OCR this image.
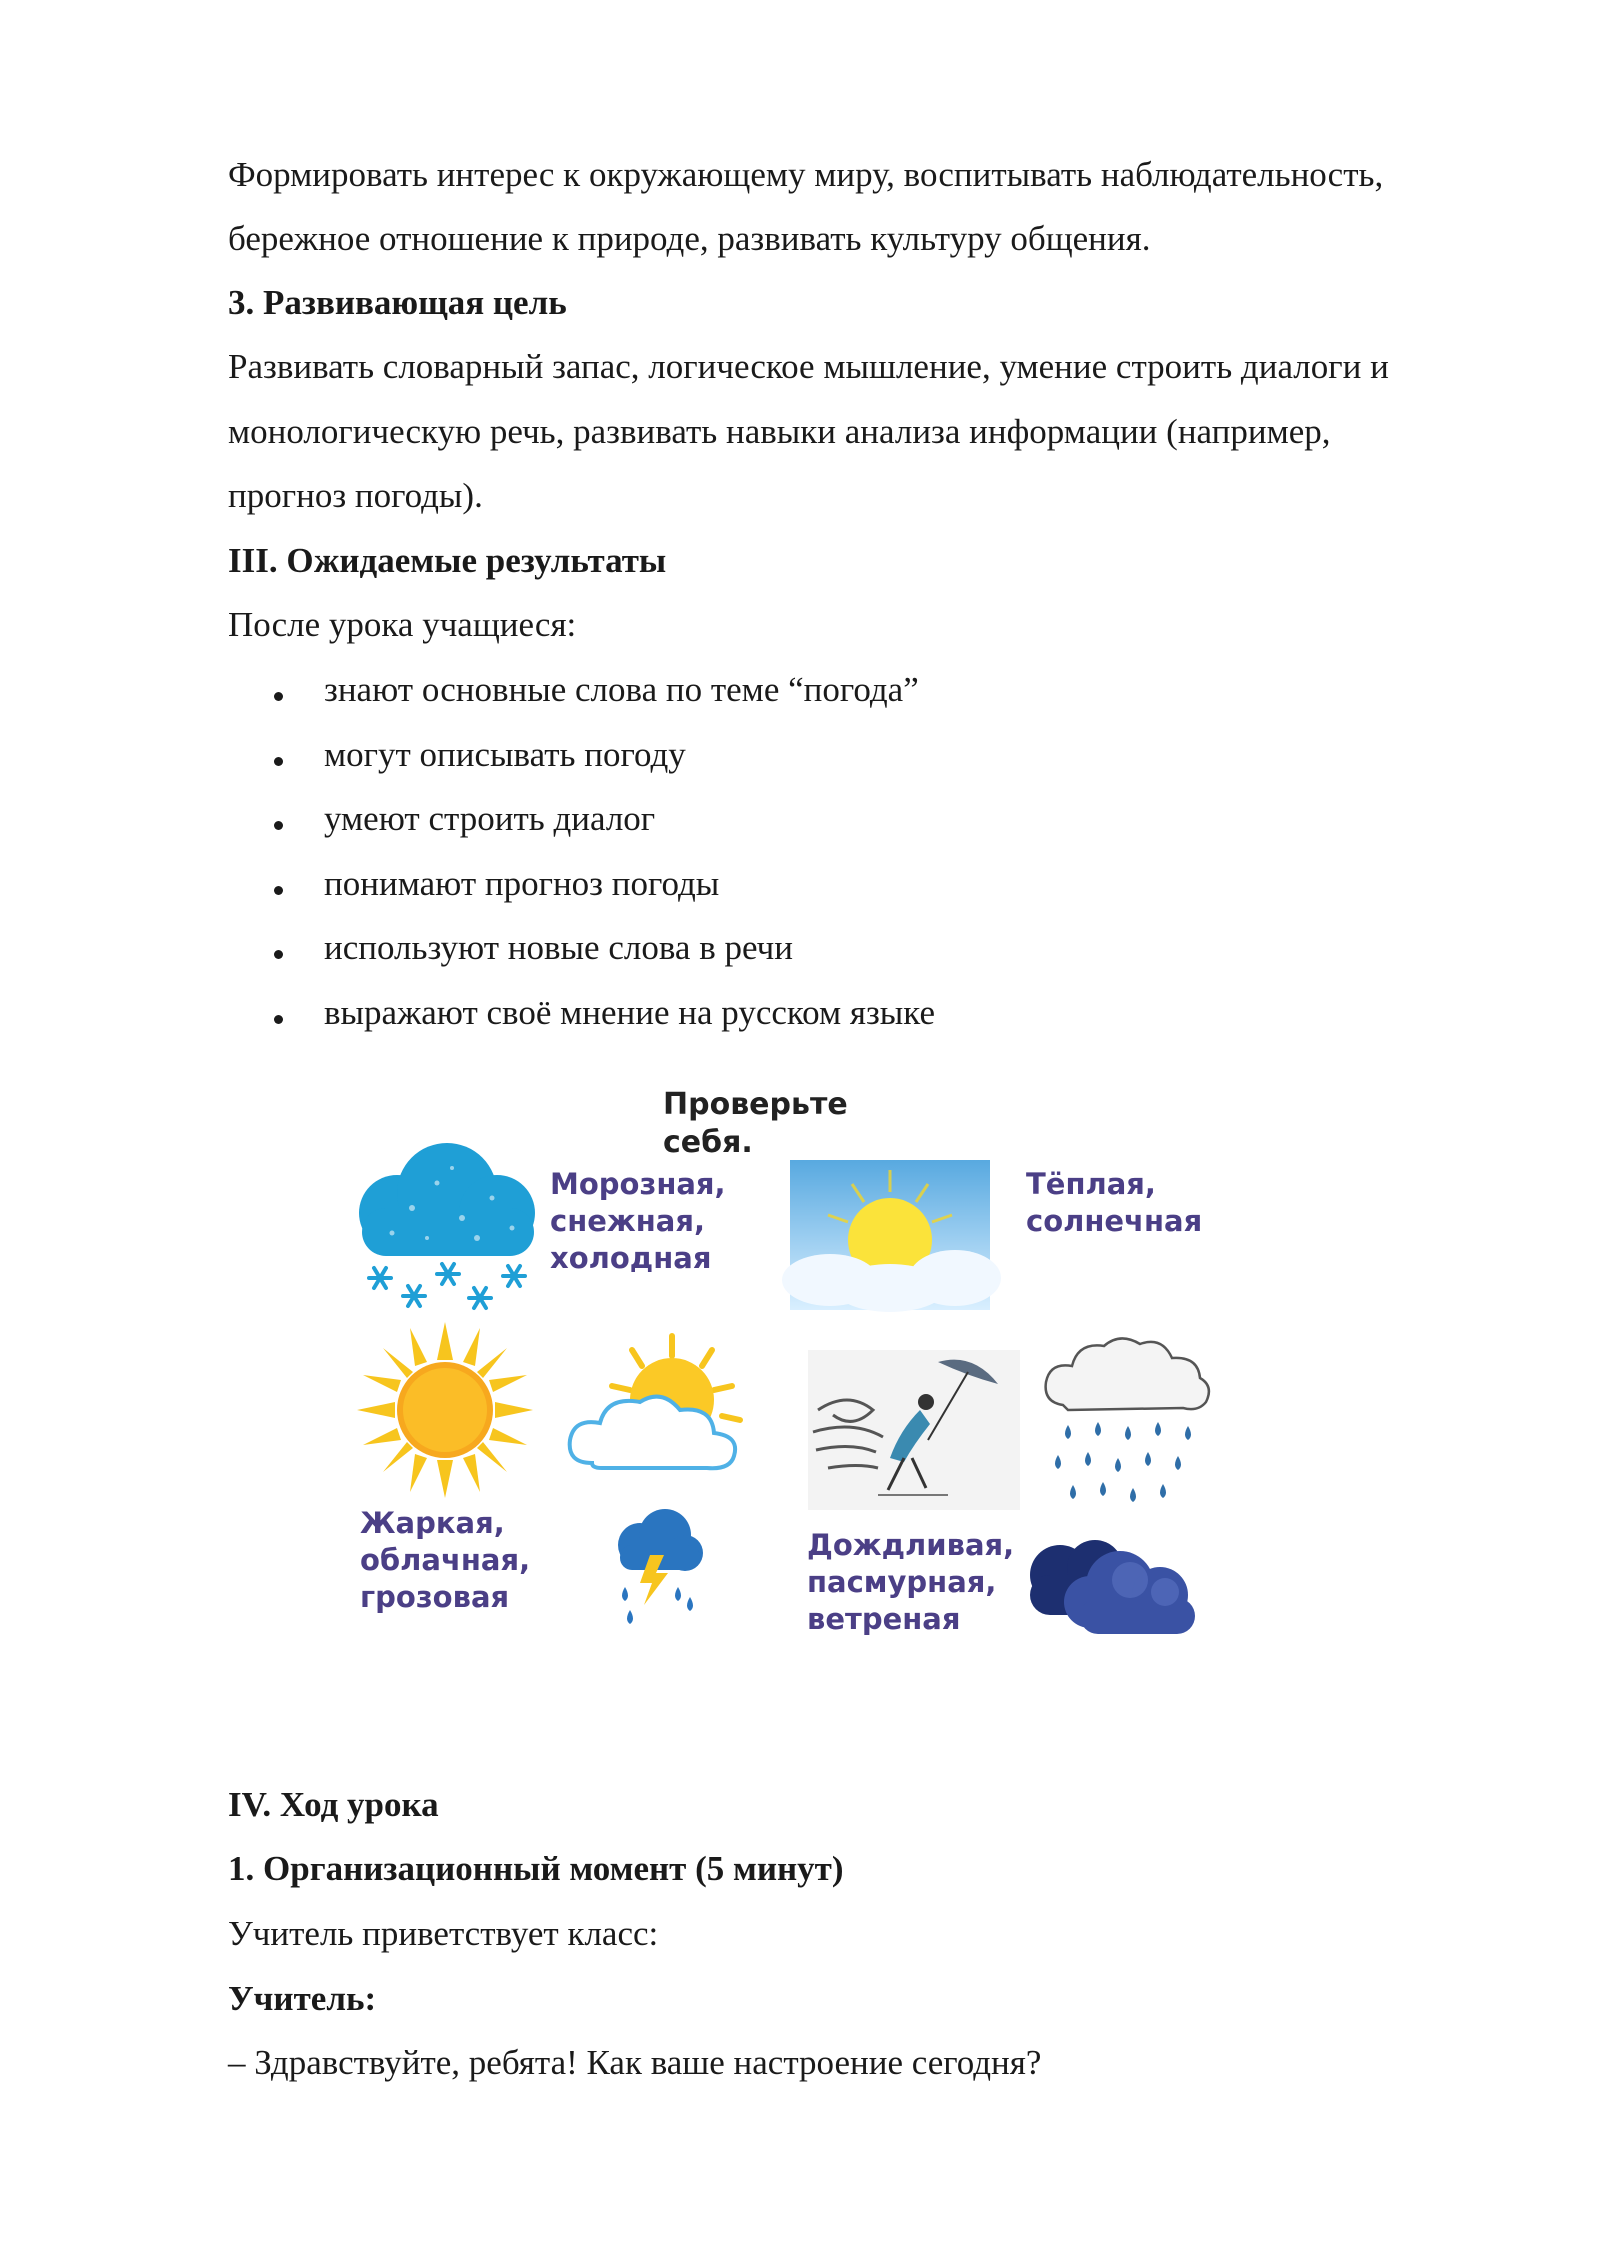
Формировать интерес к окружающему миру, воспитывать наблюдательность,
бережное отношение к природе, развивать культуру общения.
3. Развивающая цель
Развивать словарный запас, логическое мышление, умение строить диалоги и
монологическую речь, развивать навыки анализа информации (например,
прогноз погоды).
III. Ожидаемые результаты
После урока учащиеся:
знают основные слова по теме “погода”
могут описывать погоду
умеют строить диалог
понимают прогноз погоды
используют новые слова в речи
выражают своё мнение на русском языке
Проверьте
себя.
Морозная,
снежная,
холодная
Тёплая,
солнечная
Жаркая,
облачная,
грозовая
Дождливая,
пасмурная,
ветреная
IV. Ход урока
1. Организационный момент (5 минут)
Учитель приветствует класс:
Учитель:
– Здравствуйте, ребята! Как ваше настроение сегодня?
